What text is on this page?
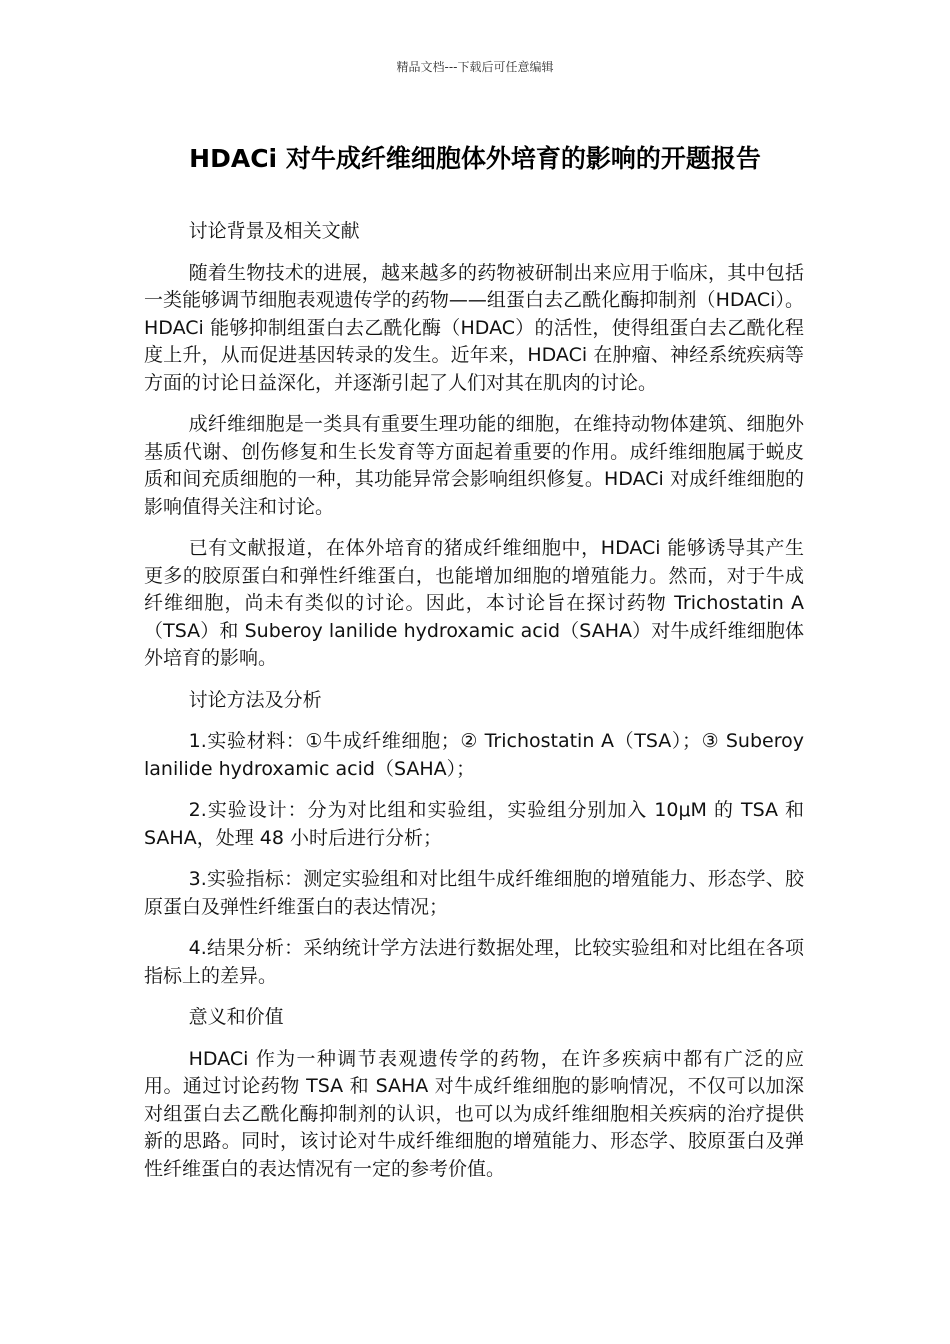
精品文档---下载后可任意编辑
HDACi 对牛成纤维细胞体外培育的影响的开题报告

讨论背景及相关文献

随着生物技术的进展，越来越多的药物被研制出来应用于临床，其中包括一类能够调节细胞表观遗传学的药物——组蛋白去乙酰化酶抑制剂（HDACi）。HDACi 能够抑制组蛋白去乙酰化酶（HDAC）的活性，使得组蛋白去乙酰化程度上升，从而促进基因转录的发生。近年来，HDACi 在肿瘤、神经系统疾病等方面的讨论日益深化，并逐渐引起了人们对其在肌肉的讨论。

成纤维细胞是一类具有重要生理功能的细胞，在维持动物体建筑、细胞外基质代谢、创伤修复和生长发育等方面起着重要的作用。成纤维细胞属于蜕皮质和间充质细胞的一种，其功能异常会影响组织修复。HDACi 对成纤维细胞的影响值得关注和讨论。

已有文献报道，在体外培育的猪成纤维细胞中，HDACi 能够诱导其产生更多的胶原蛋白和弹性纤维蛋白，也能增加细胞的增殖能力。然而，对于牛成纤维细胞，尚未有类似的讨论。因此，本讨论旨在探讨药物 Trichostatin A（TSA）和 Suberoy lanilide hydroxamic acid（SAHA）对牛成纤维细胞体外培育的影响。

讨论方法及分析

1.实验材料：①牛成纤维细胞；② Trichostatin A（TSA）；③ Suberoy lanilide hydroxamic acid（SAHA）；

2.实验设计：分为对比组和实验组，实验组分别加入 10μM 的 TSA 和 SAHA，处理 48 小时后进行分析；

3.实验指标：测定实验组和对比组牛成纤维细胞的增殖能力、形态学、胶原蛋白及弹性纤维蛋白的表达情况；

4.结果分析：采纳统计学方法进行数据处理，比较实验组和对比组在各项指标上的差异。

意义和价值

HDACi 作为一种调节表观遗传学的药物，在许多疾病中都有广泛的应用。通过讨论药物 TSA 和 SAHA 对牛成纤维细胞的影响情况，不仅可以加深对组蛋白去乙酰化酶抑制剂的认识，也可以为成纤维细胞相关疾病的治疗提供新的思路。同时，该讨论对牛成纤维细胞的增殖能力、形态学、胶原蛋白及弹性纤维蛋白的表达情况有一定的参考价值。
